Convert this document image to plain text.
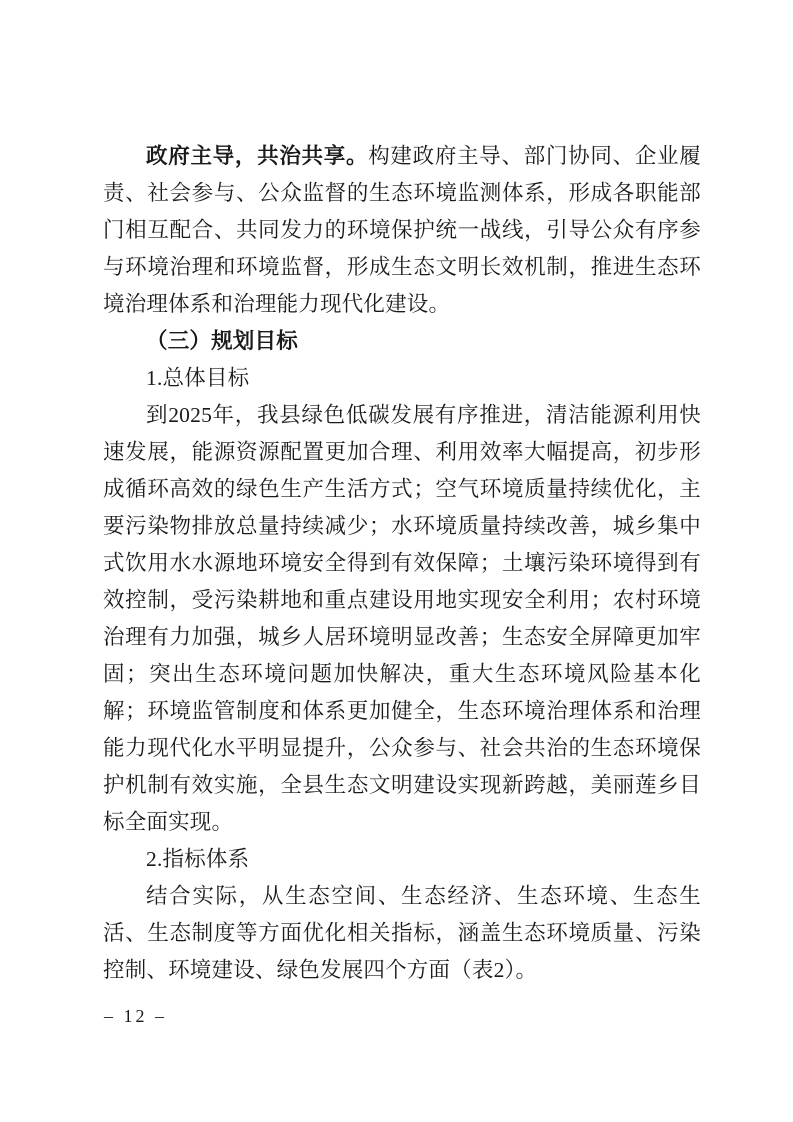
政府主导，共治共享。构建政府主导、部门协同、企业履责、社会参与、公众监督的生态环境监测体系，形成各职能部门相互配合、共同发力的环境保护统一战线，引导公众有序参与环境治理和环境监督，形成生态文明长效机制，推进生态环境治理体系和治理能力现代化建设。

（三）规划目标

1.总体目标

到2025年，我县绿色低碳发展有序推进，清洁能源利用快速发展，能源资源配置更加合理、利用效率大幅提高，初步形成循环高效的绿色生产生活方式；空气环境质量持续优化，主要污染物排放总量持续减少；水环境质量持续改善，城乡集中式饮用水水源地环境安全得到有效保障；土壤污染环境得到有效控制，受污染耕地和重点建设用地实现安全利用；农村环境治理有力加强，城乡人居环境明显改善；生态安全屏障更加牢固；突出生态环境问题加快解决，重大生态环境风险基本化解；环境监管制度和体系更加健全，生态环境治理体系和治理能力现代化水平明显提升，公众参与、社会共治的生态环境保护机制有效实施，全县生态文明建设实现新跨越，美丽莲乡目标全面实现。

2.指标体系

结合实际，从生态空间、生态经济、生态环境、生态生活、生态制度等方面优化相关指标，涵盖生态环境质量、污染控制、环境建设、绿色发展四个方面（表2）。

– 12 –
